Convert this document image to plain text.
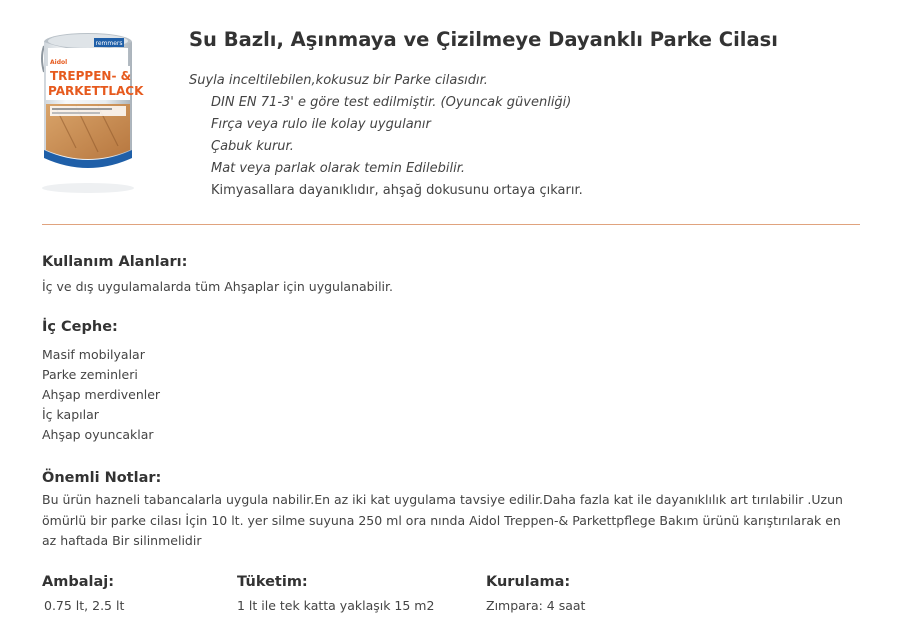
remmers
Aidol
TREPPEN- &
PARKETTLACK
Su Bazlı, Aşınmaya ve Çizilmeye Dayanklı Parke Cilası
Suyla inceltilebilen,kokusuz bir Parke cilasıdır.
DIN EN 71-3' e göre test edilmiştir. (Oyuncak güvenliği)
Fırça veya rulo ile kolay uygulanır
Çabuk kurur.
Mat veya parlak olarak temin Edilebilir.
Kimyasallara dayanıklıdır, ahşağ dokusunu ortaya çıkarır.
Kullanım Alanları:
İç ve dış uygulamalarda tüm Ahşaplar için uygulanabilir.
İç Cephe:
Masif mobilyalar
Parke zeminleri
Ahşap merdivenler
İç kapılar
Ahşap oyuncaklar
Önemli Notlar:
Bu ürün hazneli tabancalarla uygula nabilir.En az iki kat uygulama tavsiye edilir.Daha fazla kat ile dayanıklılık art tırılabilir .Uzun ömürlü bir parke cilası İçin 10 lt. yer silme suyuna 250 ml ora nında Aidol Treppen-& Parkettpflege Bakım ürünü karıştırılarak en az haftada Bir silinmelidir
Ambalaj:
0.75 lt, 2.5 lt
Tüketim:
1 lt ile tek katta yaklaşık 15 m2
Kurulama:
Zımpara: 4 saat
